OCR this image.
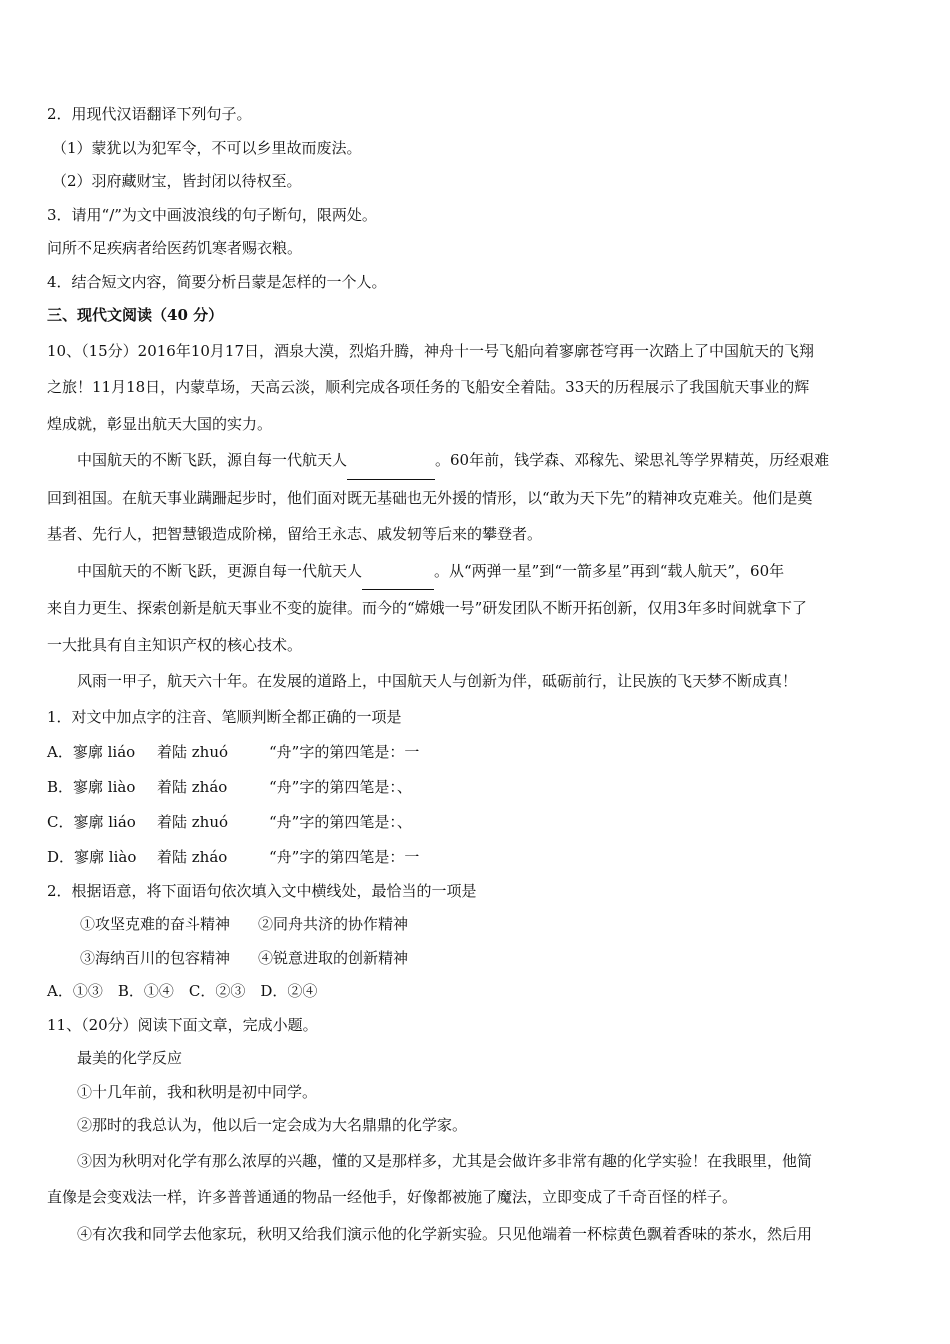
2．用现代汉语翻译下列句子。
（1）蒙犹以为犯军令，不可以乡里故而废法。
（2）羽府藏财宝，皆封闭以待权至。
3．请用“/”为文中画波浪线的句子断句，限两处。
问所不足疾病者给医药饥寒者赐衣粮。
4．结合短文内容，简要分析吕蒙是怎样的一个人。
三、现代文阅读（40 分）
10、（15分）2016年10月17日，酒泉大漠，烈焰升腾，神舟十一号飞船向着寥廓苍穹再一次踏上了中国航天的飞翔
之旅！11月18日，内蒙草场，天高云淡，顺利完成各项任务的飞船安全着陆。33天的历程展示了我国航天事业的辉
煌成就，彰显出航天大国的实力。
中国航天的不断飞跃，源自每一代航天人	。60年前，钱学森、邓稼先、梁思礼等学界精英，历经艰难
回到祖国。在航天事业蹒跚起步时，他们面对既无基础也无外援的情形，以“敢为天下先”的精神攻克难关。他们是奠
基者、先行人，把智慧锻造成阶梯，留给王永志、戚发轫等后来的攀登者。
中国航天的不断飞跃，更源自每一代航天人	。从“两弹一星”到“一箭多星”再到“载人航天”，60年
来自力更生、探索创新是航天事业不变的旋律。而今的“嫦娥一号”研发团队不断开拓创新，仅用3年多时间就拿下了
一大批具有自主知识产权的核心技术。
风雨一甲子，航天六十年。在发展的道路上，中国航天人与创新为伴，砥砺前行，让民族的飞天梦不断成真！
1．对文中加点字的注音、笔顺判断全都正确的一项是
A．寥廓 liáo 着陆 zhuó	“舟”字的第四笔是：一
B．寥廓 liào 着陆 zháo	“舟”字的第四笔是：、
C．寥廓 liáo 着陆 zhuó	“舟”字的第四笔是：、
D．寥廓 liào 着陆 zháo	“舟”字的第四笔是：一
2．根据语意，将下面语句依次填入文中横线处，最恰当的一项是
①攻坚克难的奋斗精神 ②同舟共济的协作精神
③海纳百川的包容精神 ④锐意进取的创新精神
A．①③　B．①④　C．②③　D．②④
11、（20分）阅读下面文章，完成小题。
最美的化学反应
①十几年前，我和秋明是初中同学。
②那时的我总认为，他以后一定会成为大名鼎鼎的化学家。
③因为秋明对化学有那么浓厚的兴趣，懂的又是那样多，尤其是会做许多非常有趣的化学实验！在我眼里，他简
直像是会变戏法一样，许多普普通通的物品一经他手，好像都被施了魔法，立即变成了千奇百怪的样子。
④有次我和同学去他家玩，秋明又给我们演示他的化学新实验。只见他端着一杯棕黄色飘着香味的茶水，然后用
